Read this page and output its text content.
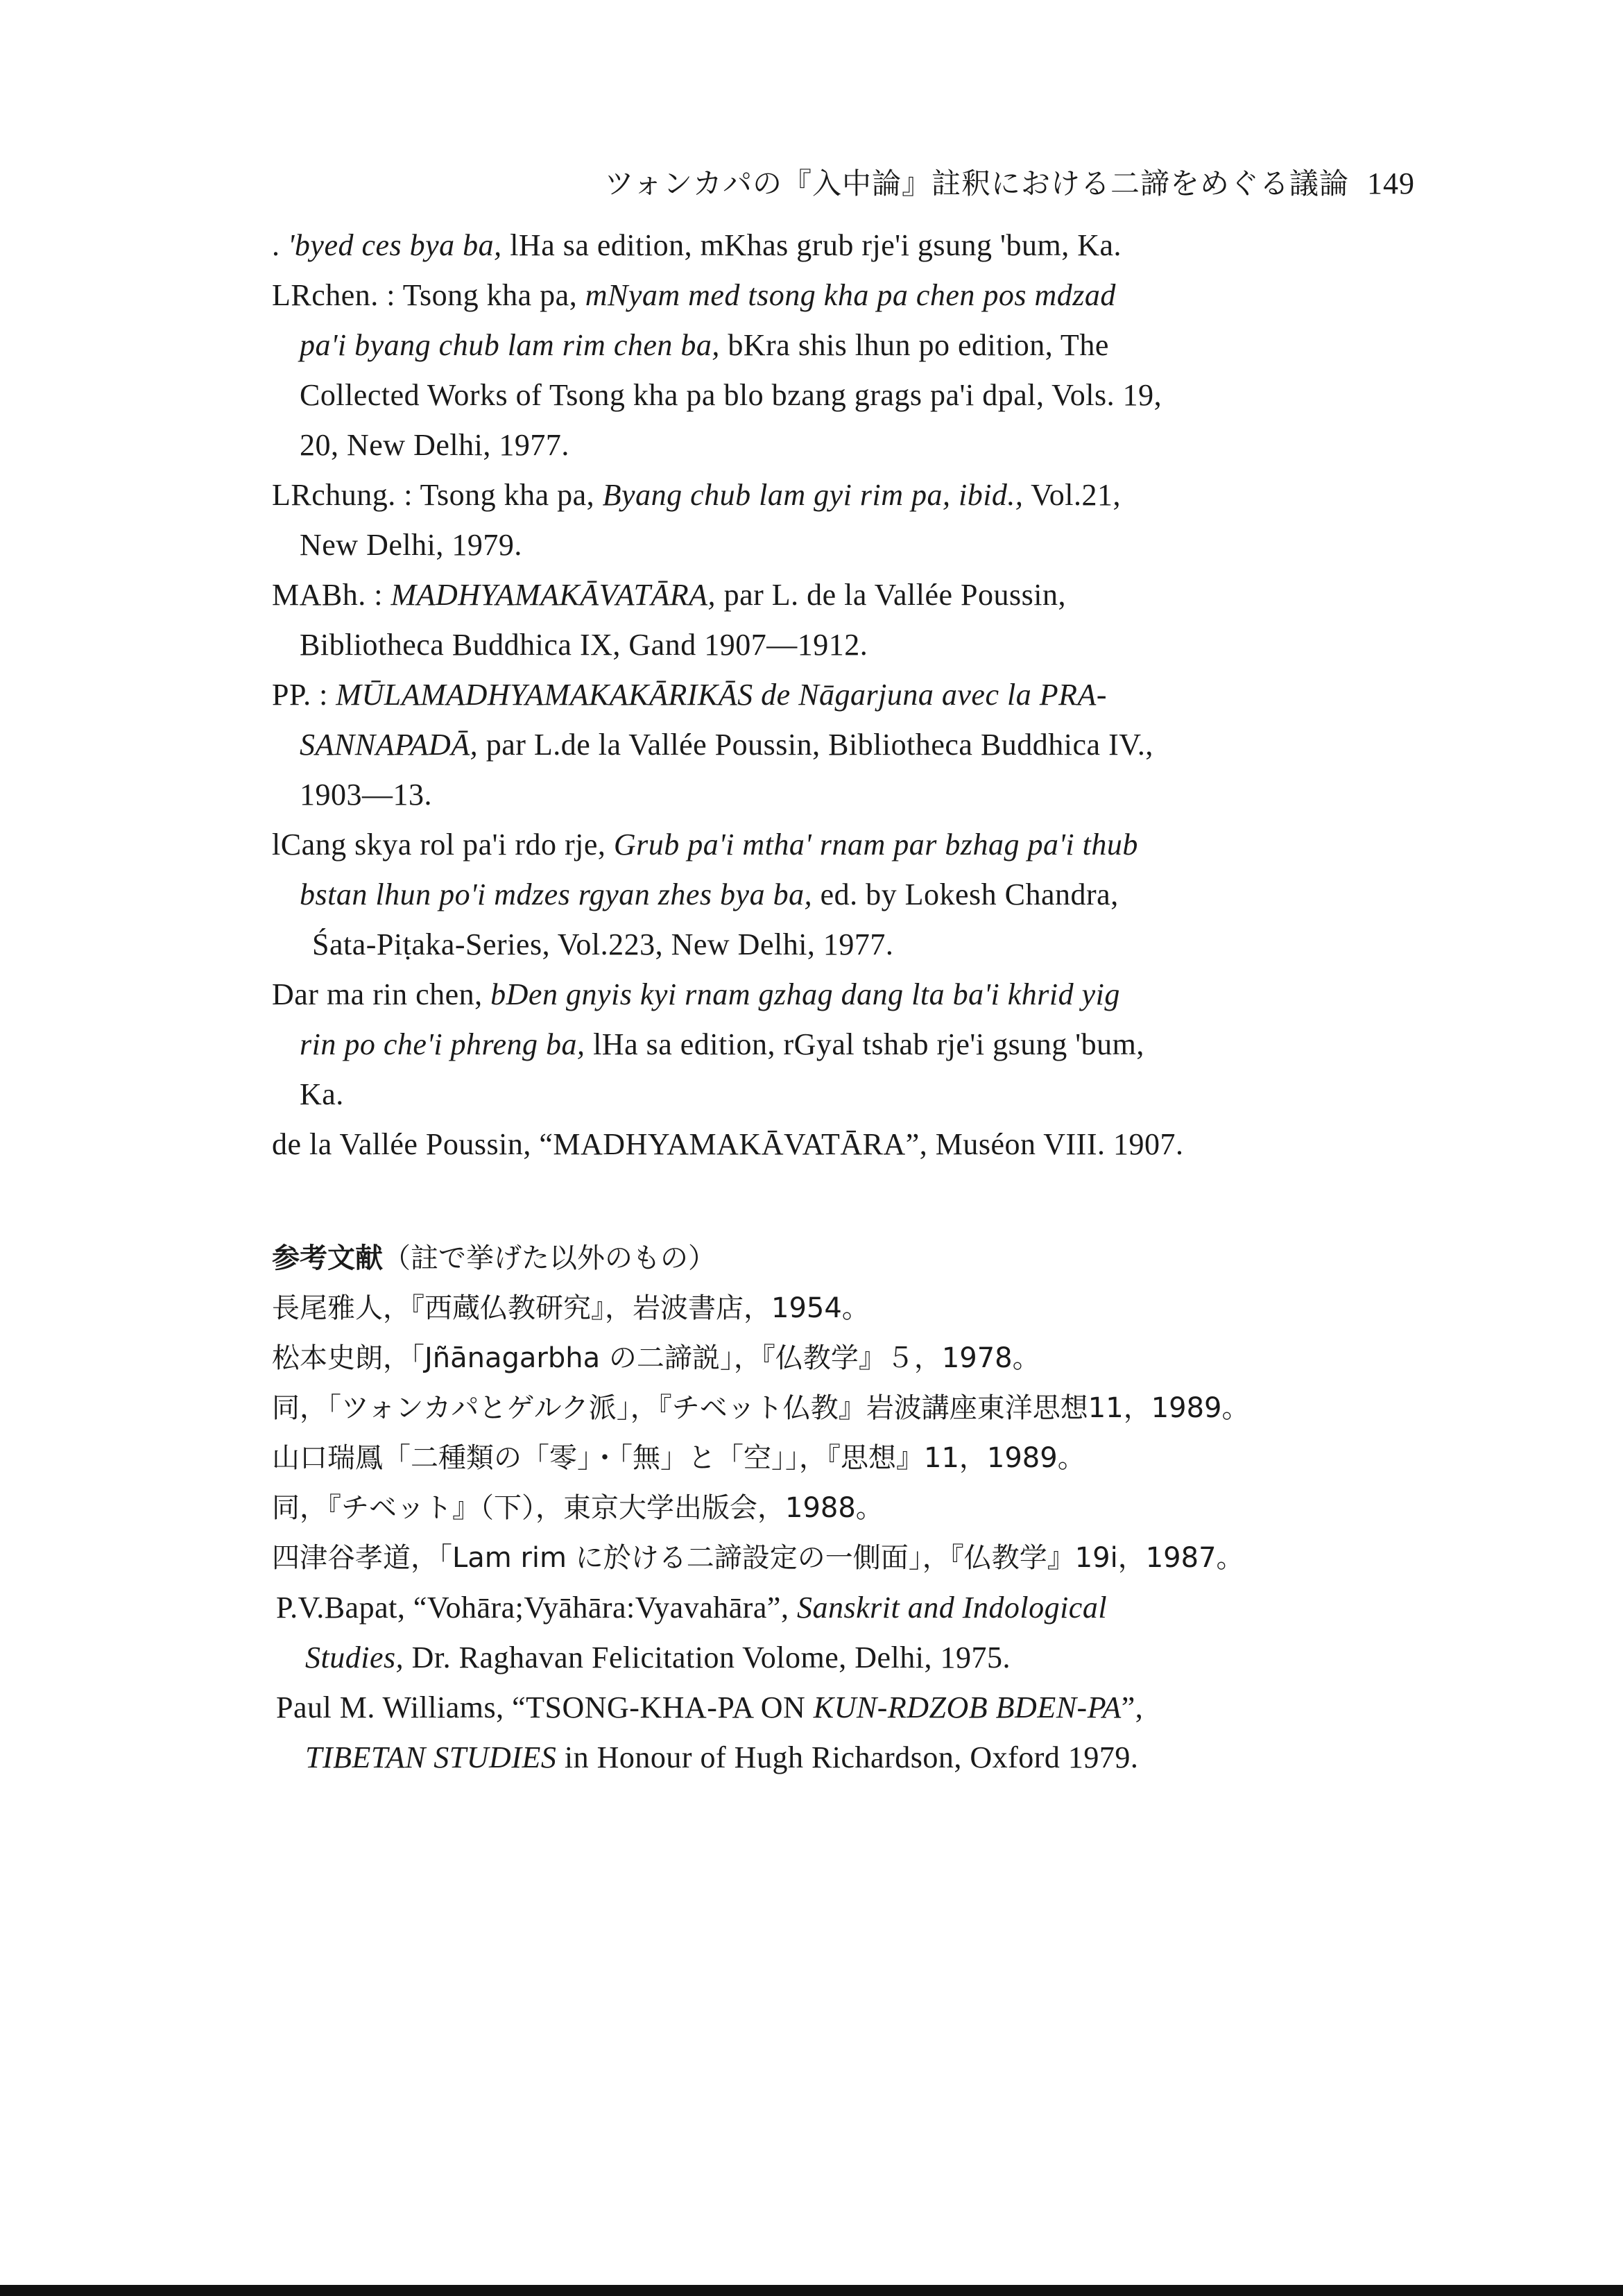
ツォンカパの『入中論』註釈における二諦をめぐる議論 149
. 'byed ces bya ba, lHa sa edition, mKhas grub rje'i gsung 'bum, Ka.
LRchen. : Tsong kha pa, mNyam med tsong kha pa chen pos mdzad
pa'i byang chub lam rim chen ba, bKra shis lhun po edition, The
Collected Works of Tsong kha pa blo bzang grags pa'i dpal, Vols. 19,
20, New Delhi, 1977.
LRchung. : Tsong kha pa, Byang chub lam gyi rim pa, ibid., Vol.21,
New Delhi, 1979.
MABh. : MADHYAMAKĀVATĀRA, par L. de la Vallée Poussin,
Bibliotheca Buddhica IX, Gand 1907—1912.
PP. : MŪLAMADHYAMAKAKĀRIKĀS de Nāgarjuna avec la PRA-
SANNAPADĀ, par L.de la Vallée Poussin, Bibliotheca Buddhica IV.,
1903—13.
lCang skya rol pa'i rdo rje, Grub pa'i mtha' rnam par bzhag pa'i thub
bstan lhun po'i mdzes rgyan zhes bya ba, ed. by Lokesh Chandra,
Śata-Piṭaka-Series, Vol.223, New Delhi, 1977.
Dar ma rin chen, bDen gnyis kyi rnam gzhag dang lta ba'i khrid yig
rin po che'i phreng ba, lHa sa edition, rGyal tshab rje'i gsung 'bum,
Ka.
de la Vallée Poussin, “MADHYAMAKĀVATĀRA”, Muséon VIII. 1907.
参考文献（註で挙げた以外のもの）
長尾雅人，『西蔵仏教研究』，岩波書店，1954。
松本史朗，「Jñānagarbha の二諦説」，『仏教学』５，1978。
同，「ツォンカパとゲルク派」，『チベット仏教』岩波講座東洋思想11，1989。
山口瑞鳳「二種類の「零」・「無」と「空」」，『思想』11，1989。
同，『チベット』（下），東京大学出版会，1988。
四津谷孝道，「Lam rim に於ける二諦設定の一側面」，『仏教学』19i，1987。
P.V.Bapat, “Vohāra;Vyāhāra:Vyavahāra”, Sanskrit and Indological
Studies, Dr. Raghavan Felicitation Volome, Delhi, 1975.
Paul M. Williams, “TSONG-KHA-PA ON KUN-RDZOB BDEN-PA”,
TIBETAN STUDIES in Honour of Hugh Richardson, Oxford 1979.
